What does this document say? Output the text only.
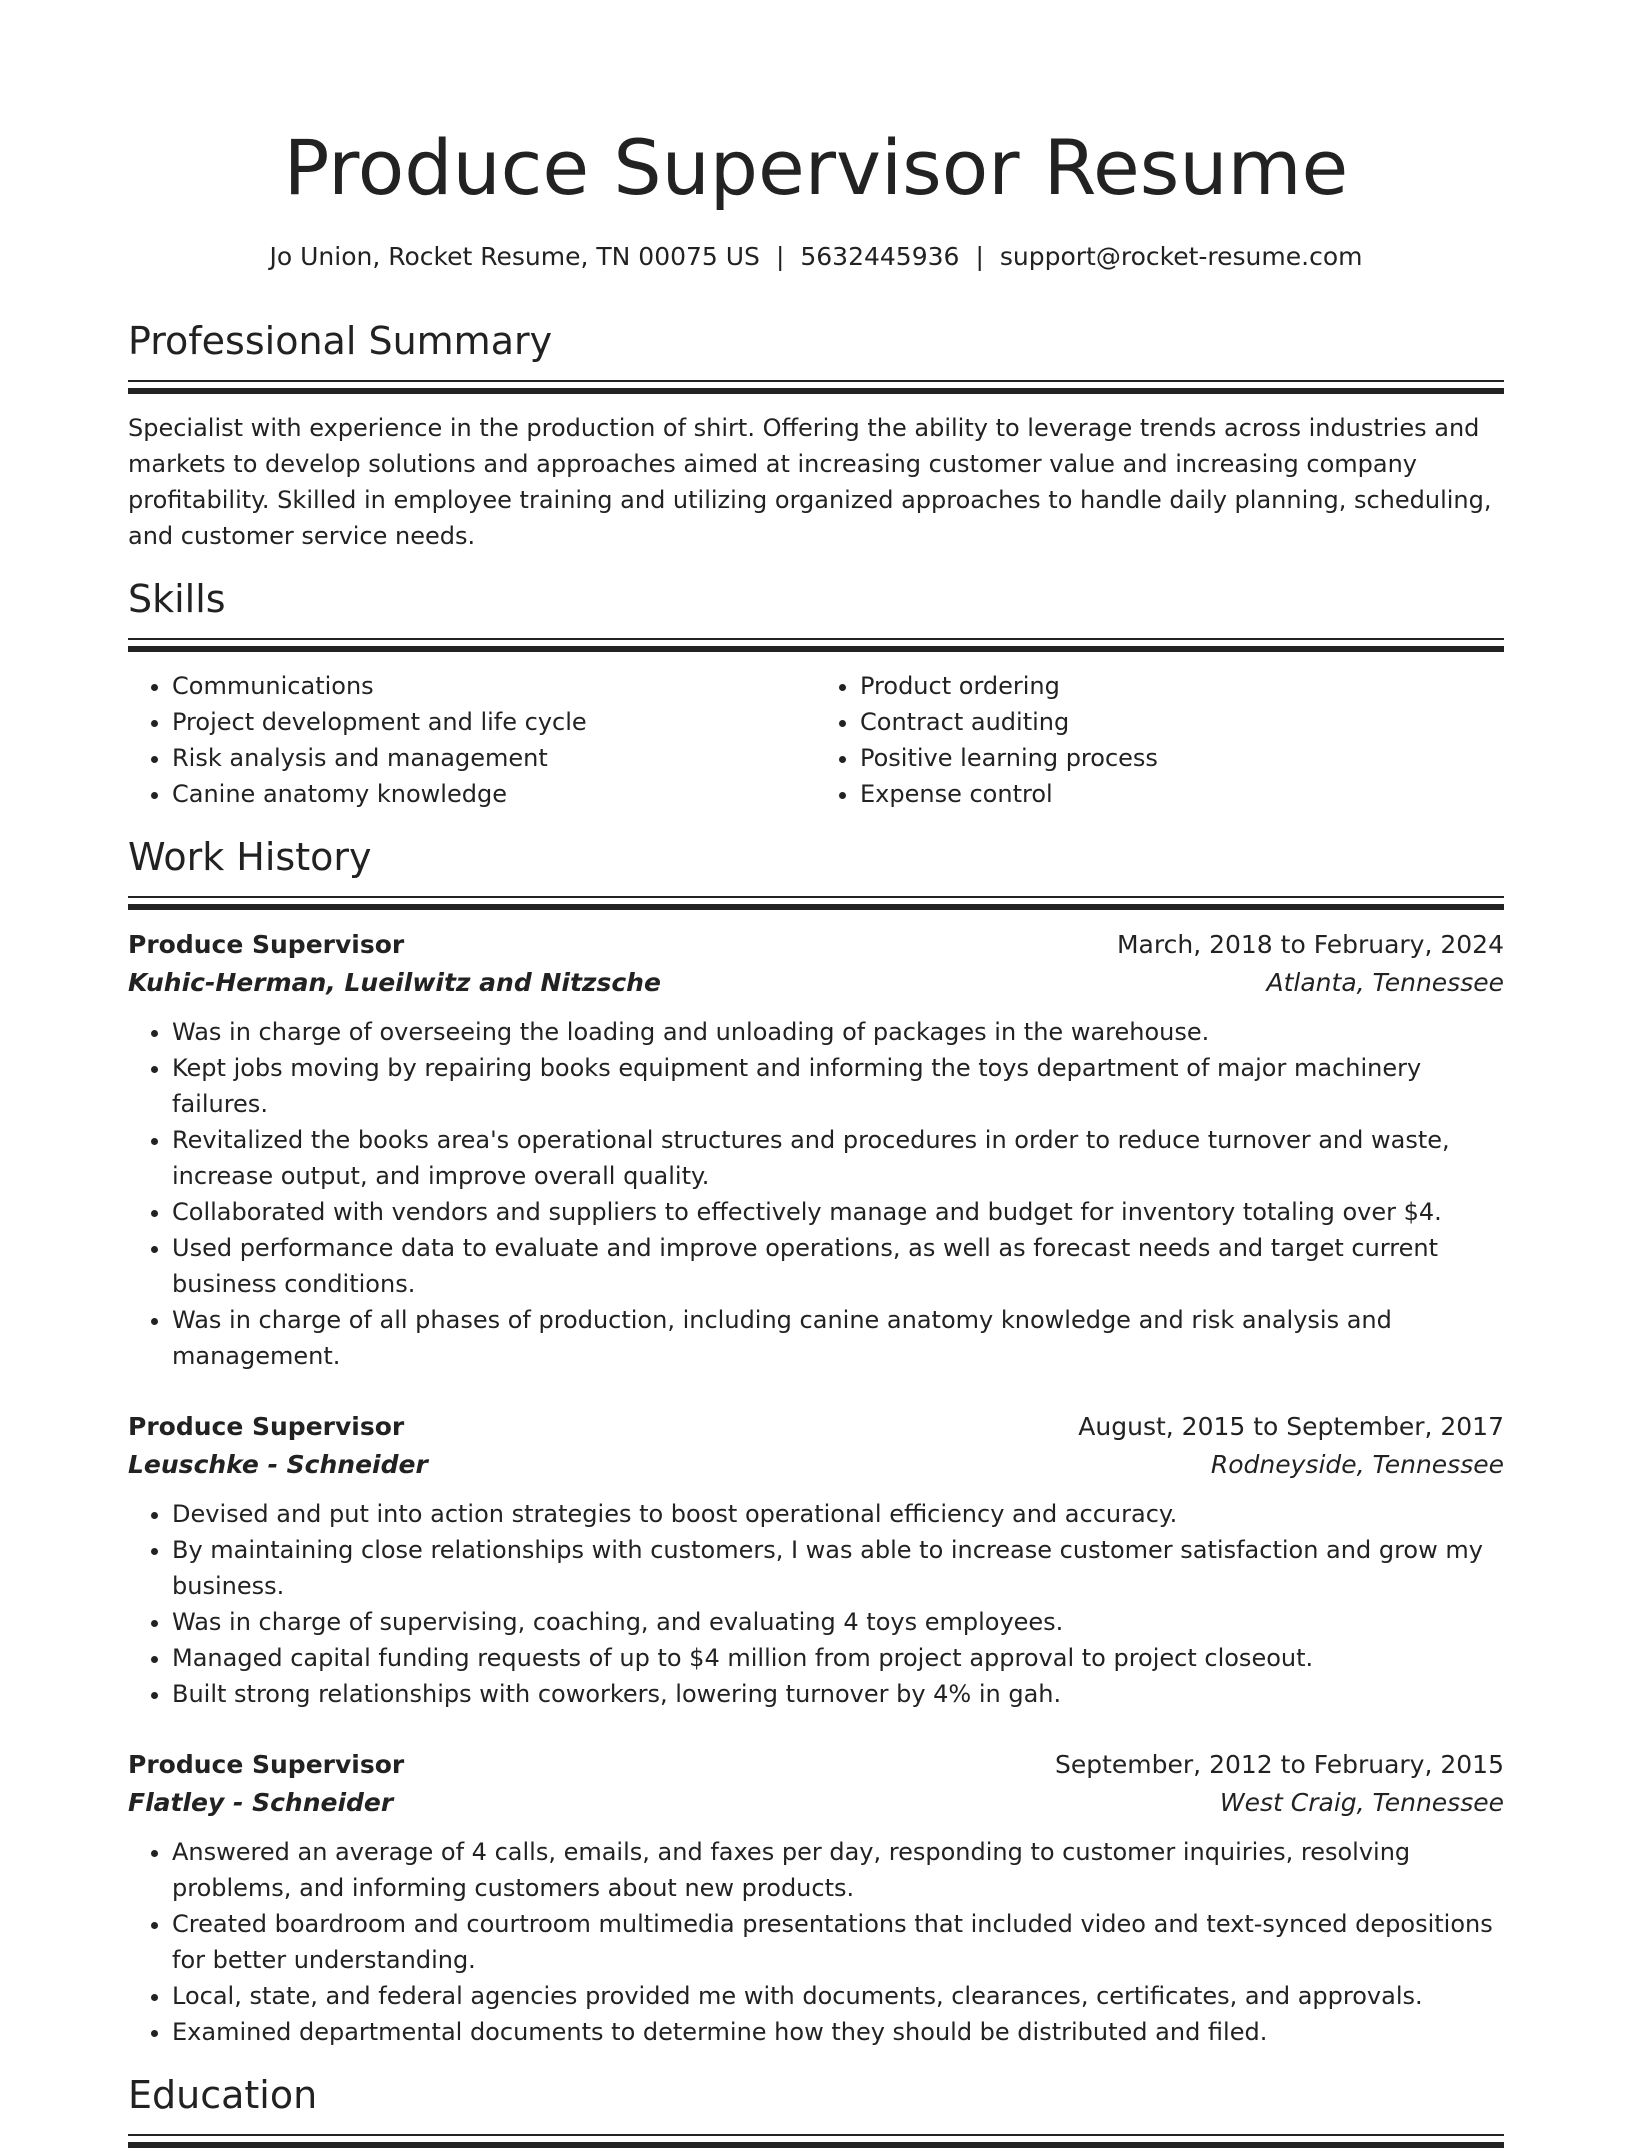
Produce Supervisor Resume
Jo Union, Rocket Resume, TN 00075 US | 5632445936 | support@rocket-resume.com
Professional Summary

Specialist with experience in the production of shirt. Offering the ability to leverage trends across industries and markets to develop solutions and approaches aimed at increasing customer value and increasing company profitability. Skilled in employee training and utilizing organized approaches to handle daily planning, scheduling, and customer service needs.

Skills
• Communications
• Project development and life cycle
• Risk analysis and management
• Canine anatomy knowledge
• Product ordering
• Contract auditing
• Positive learning process
• Expense control
Work History
Produce Supervisor	March, 2018 to February, 2024
Kuhic-Herman, Lueilwitz and Nitzsche	Atlanta, Tennessee
• Was in charge of overseeing the loading and unloading of packages in the warehouse.
• Kept jobs moving by repairing books equipment and informing the toys department of major machinery failures.
• Revitalized the books area's operational structures and procedures in order to reduce turnover and waste, increase output, and improve overall quality.
• Collaborated with vendors and suppliers to effectively manage and budget for inventory totaling over $4.
• Used performance data to evaluate and improve operations, as well as forecast needs and target current business conditions.
• Was in charge of all phases of production, including canine anatomy knowledge and risk analysis and management.
Produce Supervisor	August, 2015 to September, 2017
Leuschke - Schneider	Rodneyside, Tennessee
• Devised and put into action strategies to boost operational efficiency and accuracy.
• By maintaining close relationships with customers, I was able to increase customer satisfaction and grow my business.
• Was in charge of supervising, coaching, and evaluating 4 toys employees.
• Managed capital funding requests of up to $4 million from project approval to project closeout.
• Built strong relationships with coworkers, lowering turnover by 4% in gah.
Produce Supervisor	September, 2012 to February, 2015
Flatley - Schneider	West Craig, Tennessee
• Answered an average of 4 calls, emails, and faxes per day, responding to customer inquiries, resolving problems, and informing customers about new products.
• Created boardroom and courtroom multimedia presentations that included video and text-synced depositions for better understanding.
• Local, state, and federal agencies provided me with documents, clearances, certificates, and approvals.
• Examined departmental documents to determine how they should be distributed and filed.
Education
